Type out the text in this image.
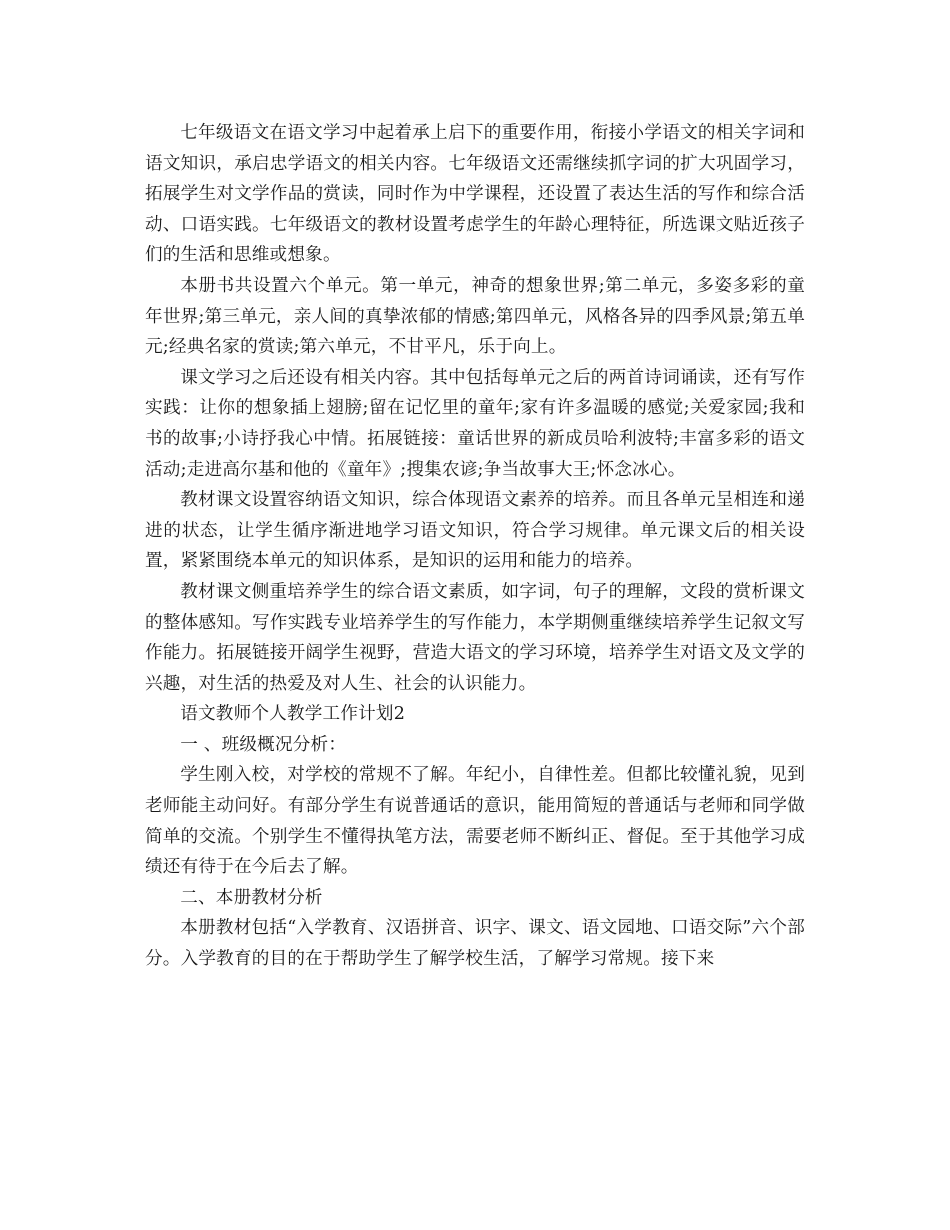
七年级语文在语文学习中起着承上启下的重要作用，衔接小学语文的相关字词和语文知识，承启忠学语文的相关内容。七年级语文还需继续抓字词的扩大巩固学习，拓展学生对文学作品的赏读，同时作为中学课程，还设置了表达生活的写作和综合活动、口语实践。七年级语文的教材设置考虑学生的年龄心理特征，所选课文贴近孩子们的生活和思维或想象。

本册书共设置六个单元。第一单元，神奇的想象世界;第二单元，多姿多彩的童年世界;第三单元，亲人间的真挚浓郁的情感;第四单元，风格各异的四季风景;第五单元;经典名家的赏读;第六单元，不甘平凡，乐于向上。

课文学习之后还设有相关内容。其中包括每单元之后的两首诗词诵读，还有写作实践：让你的想象插上翅膀;留在记忆里的童年;家有许多温暖的感觉;关爱家园;我和书的故事;小诗抒我心中情。拓展链接：童话世界的新成员哈利波特;丰富多彩的语文活动;走进高尔基和他的《童年》;搜集农谚;争当故事大王;怀念冰心。

教材课文设置容纳语文知识，综合体现语文素养的培养。而且各单元呈相连和递进的状态，让学生循序渐进地学习语文知识，符合学习规律。单元课文后的相关设置，紧紧围绕本单元的知识体系，是知识的运用和能力的培养。

教材课文侧重培养学生的综合语文素质，如字词，句子的理解，文段的赏析课文的整体感知。写作实践专业培养学生的写作能力，本学期侧重继续培养学生记叙文写作能力。拓展链接开阔学生视野，营造大语文的学习环境，培养学生对语文及文学的兴趣，对生活的热爱及对人生、社会的认识能力。

语文教师个人教学工作计划2

一 、班级概况分析：

学生刚入校，对学校的常规不了解。年纪小，自律性差。但都比较懂礼貌，见到老师能主动问好。有部分学生有说普通话的意识，能用简短的普通话与老师和同学做简单的交流。个别学生不懂得执笔方法，需要老师不断纠正、督促。至于其他学习成绩还有待于在今后去了解。

二、本册教材分析

本册教材包括“入学教育、汉语拼音、识字、课文、语文园地、口语交际”六个部分。入学教育的目的在于帮助学生了解学校生活，了解学习常规。接下来
